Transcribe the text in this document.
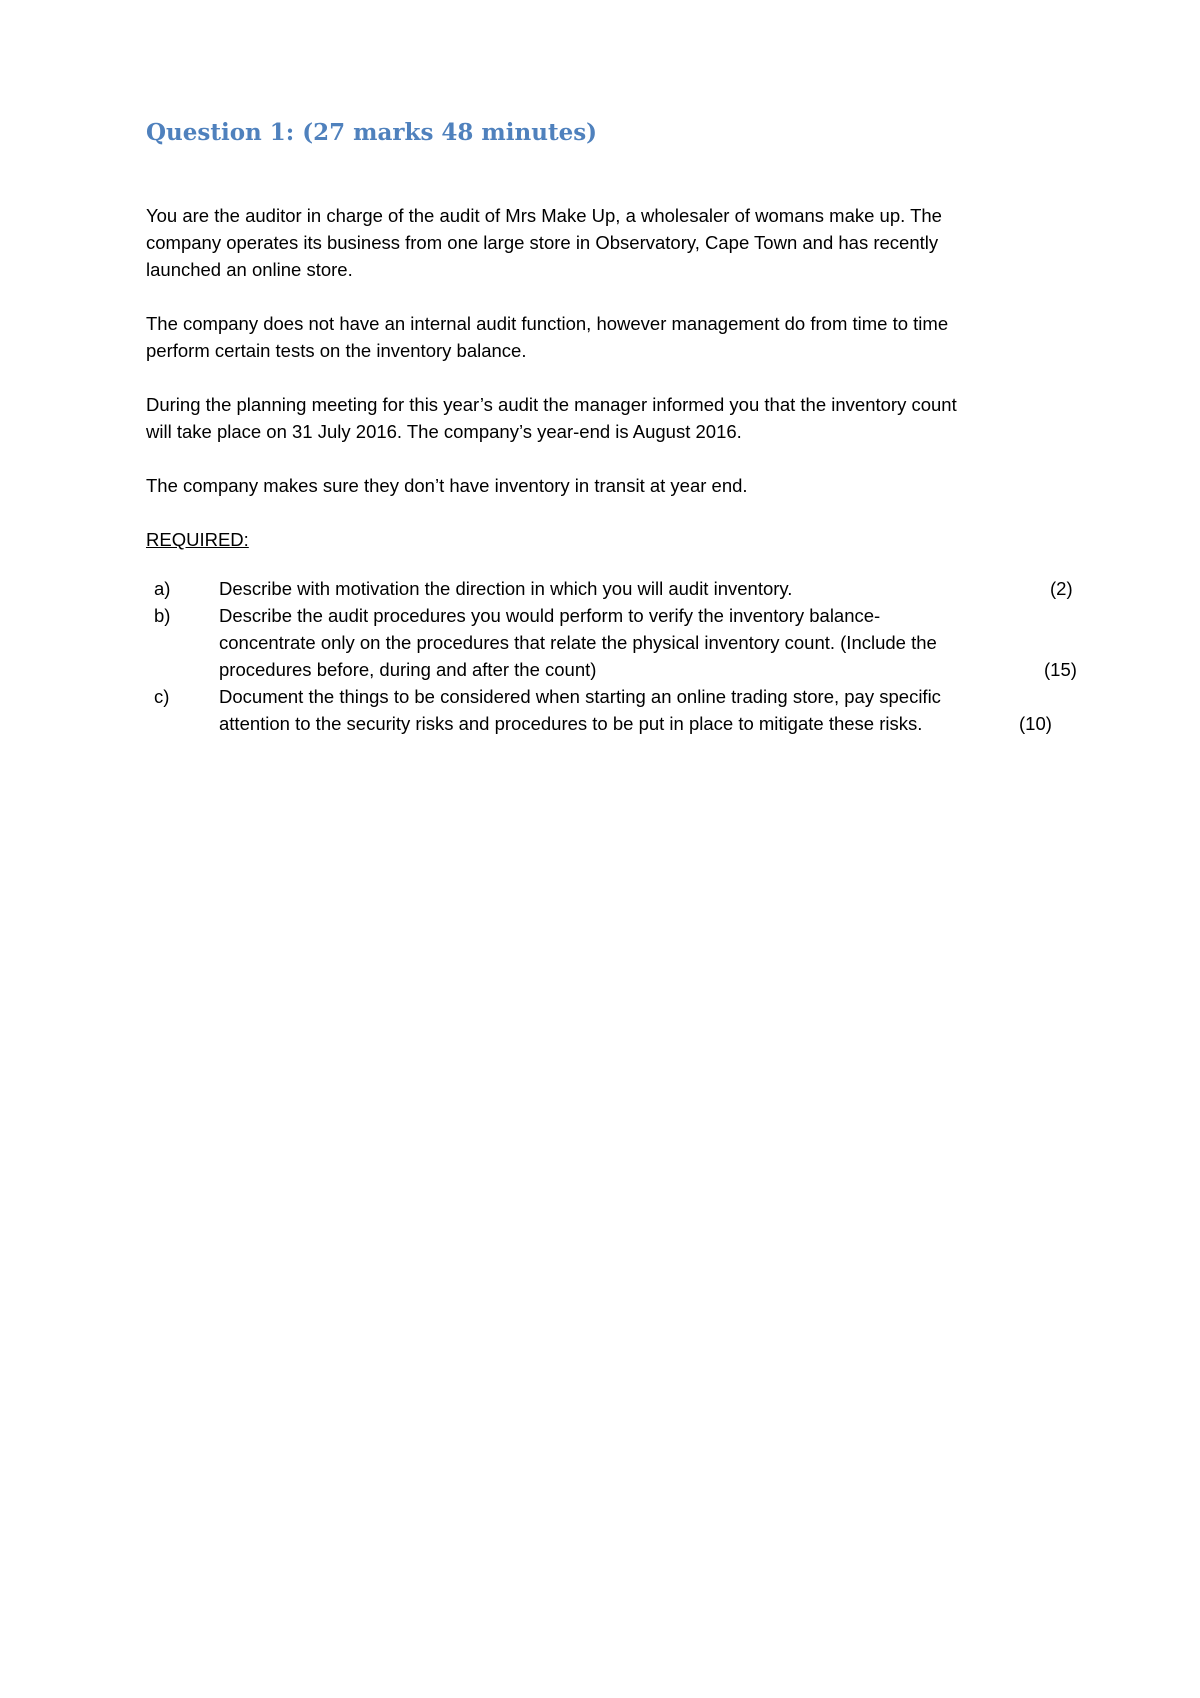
Question 1: (27 marks 48 minutes)
You are the auditor in charge of the audit of Mrs Make Up, a wholesaler of womans make up. The
company operates its business from one large store in Observatory, Cape Town and has recently
launched an online store.
The company does not have an internal audit function, however management do from time to time
perform certain tests on the inventory balance.
During the planning meeting for this year’s audit the manager informed you that the inventory count
will take place on 31 July 2016. The company’s year-end is August 2016.
The company makes sure they don’t have inventory in transit at year end.
REQUIRED:
a)	Describe with motivation the direction in which you will audit inventory.	(2)
b)	Describe the audit procedures you would perform to verify the inventory balance-
concentrate only on the procedures that relate the physical inventory count. (Include the
procedures before, during and after the count)	(15)
c)	Document the things to be considered when starting an online trading store, pay specific
attention to the security risks and procedures to be put in place to mitigate these risks.	(10)
